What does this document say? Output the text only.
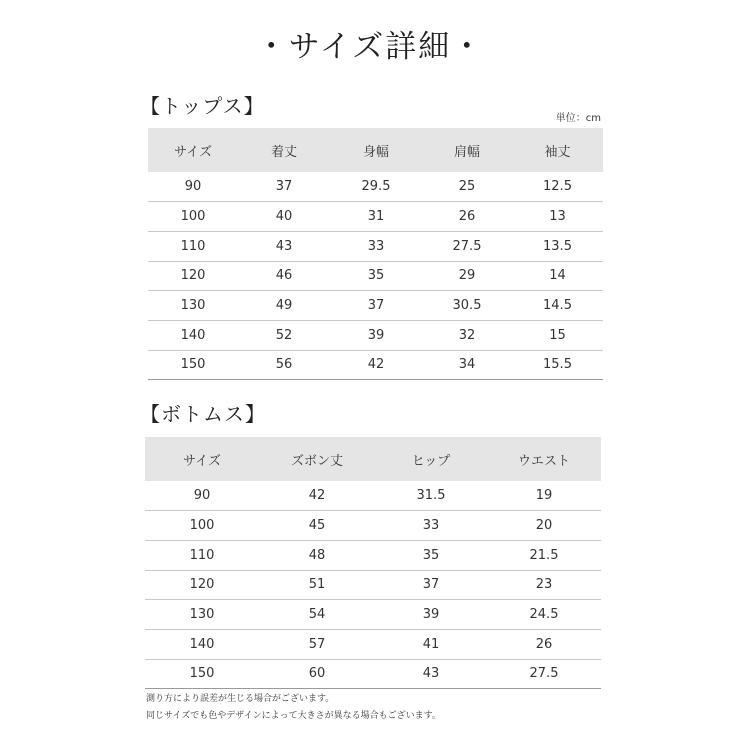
・サイズ詳細・
【トップス】
単位：cm
サイズ	着丈	身幅	肩幅	袖丈
90	37	29.5	25	12.5
100	40	31	26	13
110	43	33	27.5	13.5
120	46	35	29	14
130	49	37	30.5	14.5
140	52	39	32	15
150	56	42	34	15.5
【ボトムス】
サイズ	ズボン丈	ヒップ	ウエスト
90	42	31.5	19
100	45	33	20
110	48	35	21.5
120	51	37	23
130	54	39	24.5
140	57	41	26
150	60	43	27.5
測り方により誤差が生じる場合がございます。
同じサイズでも色やデザインによって大きさが異なる場合もございます。
